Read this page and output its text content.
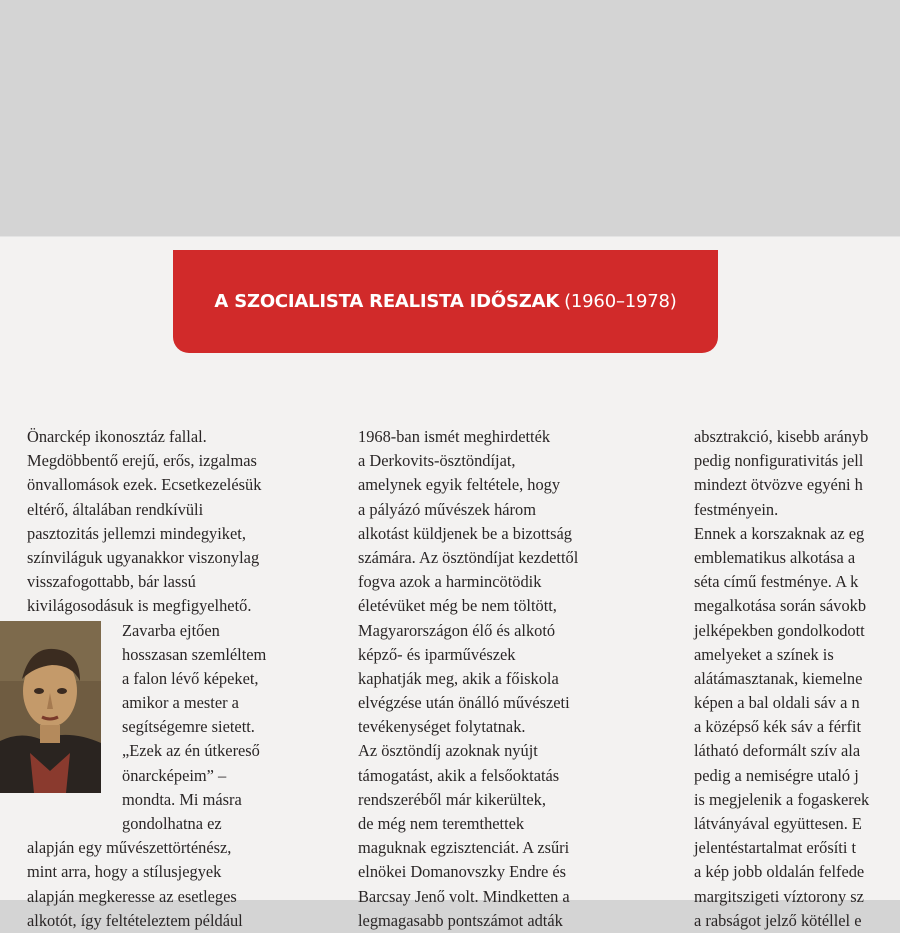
A SZOCIALISTA REALISTA IDŐSZAK (1960–1978)
Önarckép ikonosztáz fallal.
Megdöbbentő erejű, erős, izgalmas
önvallomások ezek. Ecsetkezelésük
eltérő, általában rendkívüli
pasztozitás jellemzi mindegyiket,
színviláguk ugyanakkor viszonylag
visszafogottabb, bár lassú
kivilágosodásuk is megfigyelhető.
Zavarba ejtően
hosszasan szemléltem
a falon lévő képeket,
amikor a mester a
segítségemre sietett.
„Ezek az én útkereső
önarcképeim” –
mondta. Mi másra
gondolhatna ez
alapján egy művészettörténész,
mint arra, hogy a stílusjegyek
alapján megkeresse az esetleges
alkotót, így feltételeztem például
1968-ban ismét meghirdették
a Derkovits-ösztöndíjat,
amelynek egyik feltétele, hogy
a pályázó művészek három
alkotást küldjenek be a bizottság
számára. Az ösztöndíjat kezdettől
fogva azok a harmincötödik
életévüket még be nem töltött,
Magyarországon élő és alkotó
képző- és iparművészek
kaphatják meg, akik a főiskola
elvégzése után önálló művészeti
tevékenységet folytatnak.
Az ösztöndíj azoknak nyújt
támogatást, akik a felsőoktatás
rendszeréből már kikerültek,
de még nem teremthettek
maguknak egzisztenciát. A zsűri
elnökei Domanovszky Endre és
Barcsay Jenő volt. Mindketten a
legmagasabb pontszámot adták
absztrakció, kisebb arányb
pedig nonfigurativitás jell
mindezt ötvözve egyéni h
festményein.
Ennek a korszaknak az eg
emblematikus alkotása a
séta című festménye. A k
megalkotása során sávokb
jelképekben gondolkodott
amelyeket a színek is
alátámasztanak, kiemelne
képen a bal oldali sáv a n
a középső kék sáv a férfit
látható deformált szív ala
pedig a nemiségre utaló j
is megjelenik a fogaskerek
látványával együttesen. E
jelentéstartalmat erősíti t
a kép jobb oldalán felfede
margitszigeti víztorony sz
a rabságot jelző kötéllel e
